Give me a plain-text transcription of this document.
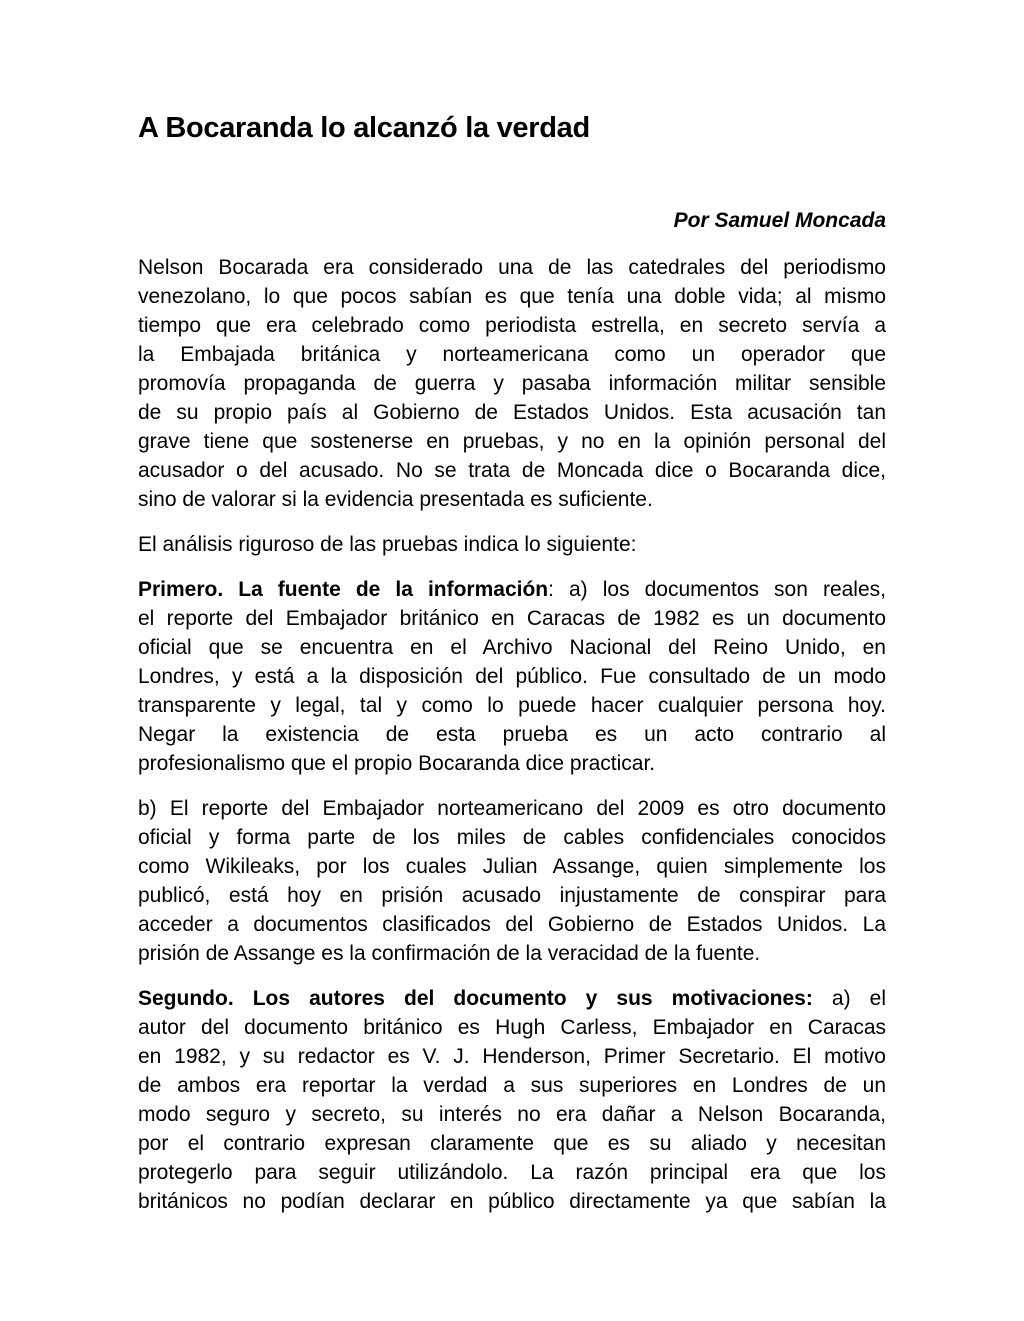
A Bocaranda lo alcanzó la verdad
Por Samuel Moncada
Nelson Bocarada era considerado una de las catedrales del periodismo
venezolano, lo que pocos sabían es que tenía una doble vida; al mismo
tiempo que era celebrado como periodista estrella, en secreto servía a
la Embajada británica y norteamericana como un operador que
promovía propaganda de guerra y pasaba información militar sensible
de su propio país al Gobierno de Estados Unidos. Esta acusación tan
grave tiene que sostenerse en pruebas, y no en la opinión personal del
acusador o del acusado. No se trata de Moncada dice o Bocaranda dice,
sino de valorar si la evidencia presentada es suficiente.
El análisis riguroso de las pruebas indica lo siguiente:
Primero. La fuente de la información: a) los documentos son reales,
el reporte del Embajador británico en Caracas de 1982 es un documento
oficial que se encuentra en el Archivo Nacional del Reino Unido, en
Londres, y está a la disposición del público. Fue consultado de un modo
transparente y legal, tal y como lo puede hacer cualquier persona hoy.
Negar la existencia de esta prueba es un acto contrario al
profesionalismo que el propio Bocaranda dice practicar.
b) El reporte del Embajador norteamericano del 2009 es otro documento
oficial y forma parte de los miles de cables confidenciales conocidos
como Wikileaks, por los cuales Julian Assange, quien simplemente los
publicó, está hoy en prisión acusado injustamente de conspirar para
acceder a documentos clasificados del Gobierno de Estados Unidos. La
prisión de Assange es la confirmación de la veracidad de la fuente.
Segundo. Los autores del documento y sus motivaciones: a) el
autor del documento británico es Hugh Carless, Embajador en Caracas
en 1982, y su redactor es V. J. Henderson, Primer Secretario. El motivo
de ambos era reportar la verdad a sus superiores en Londres de un
modo seguro y secreto, su interés no era dañar a Nelson Bocaranda,
por el contrario expresan claramente que es su aliado y necesitan
protegerlo para seguir utilizándolo. La razón principal era que los
británicos no podían declarar en público directamente ya que sabían la
